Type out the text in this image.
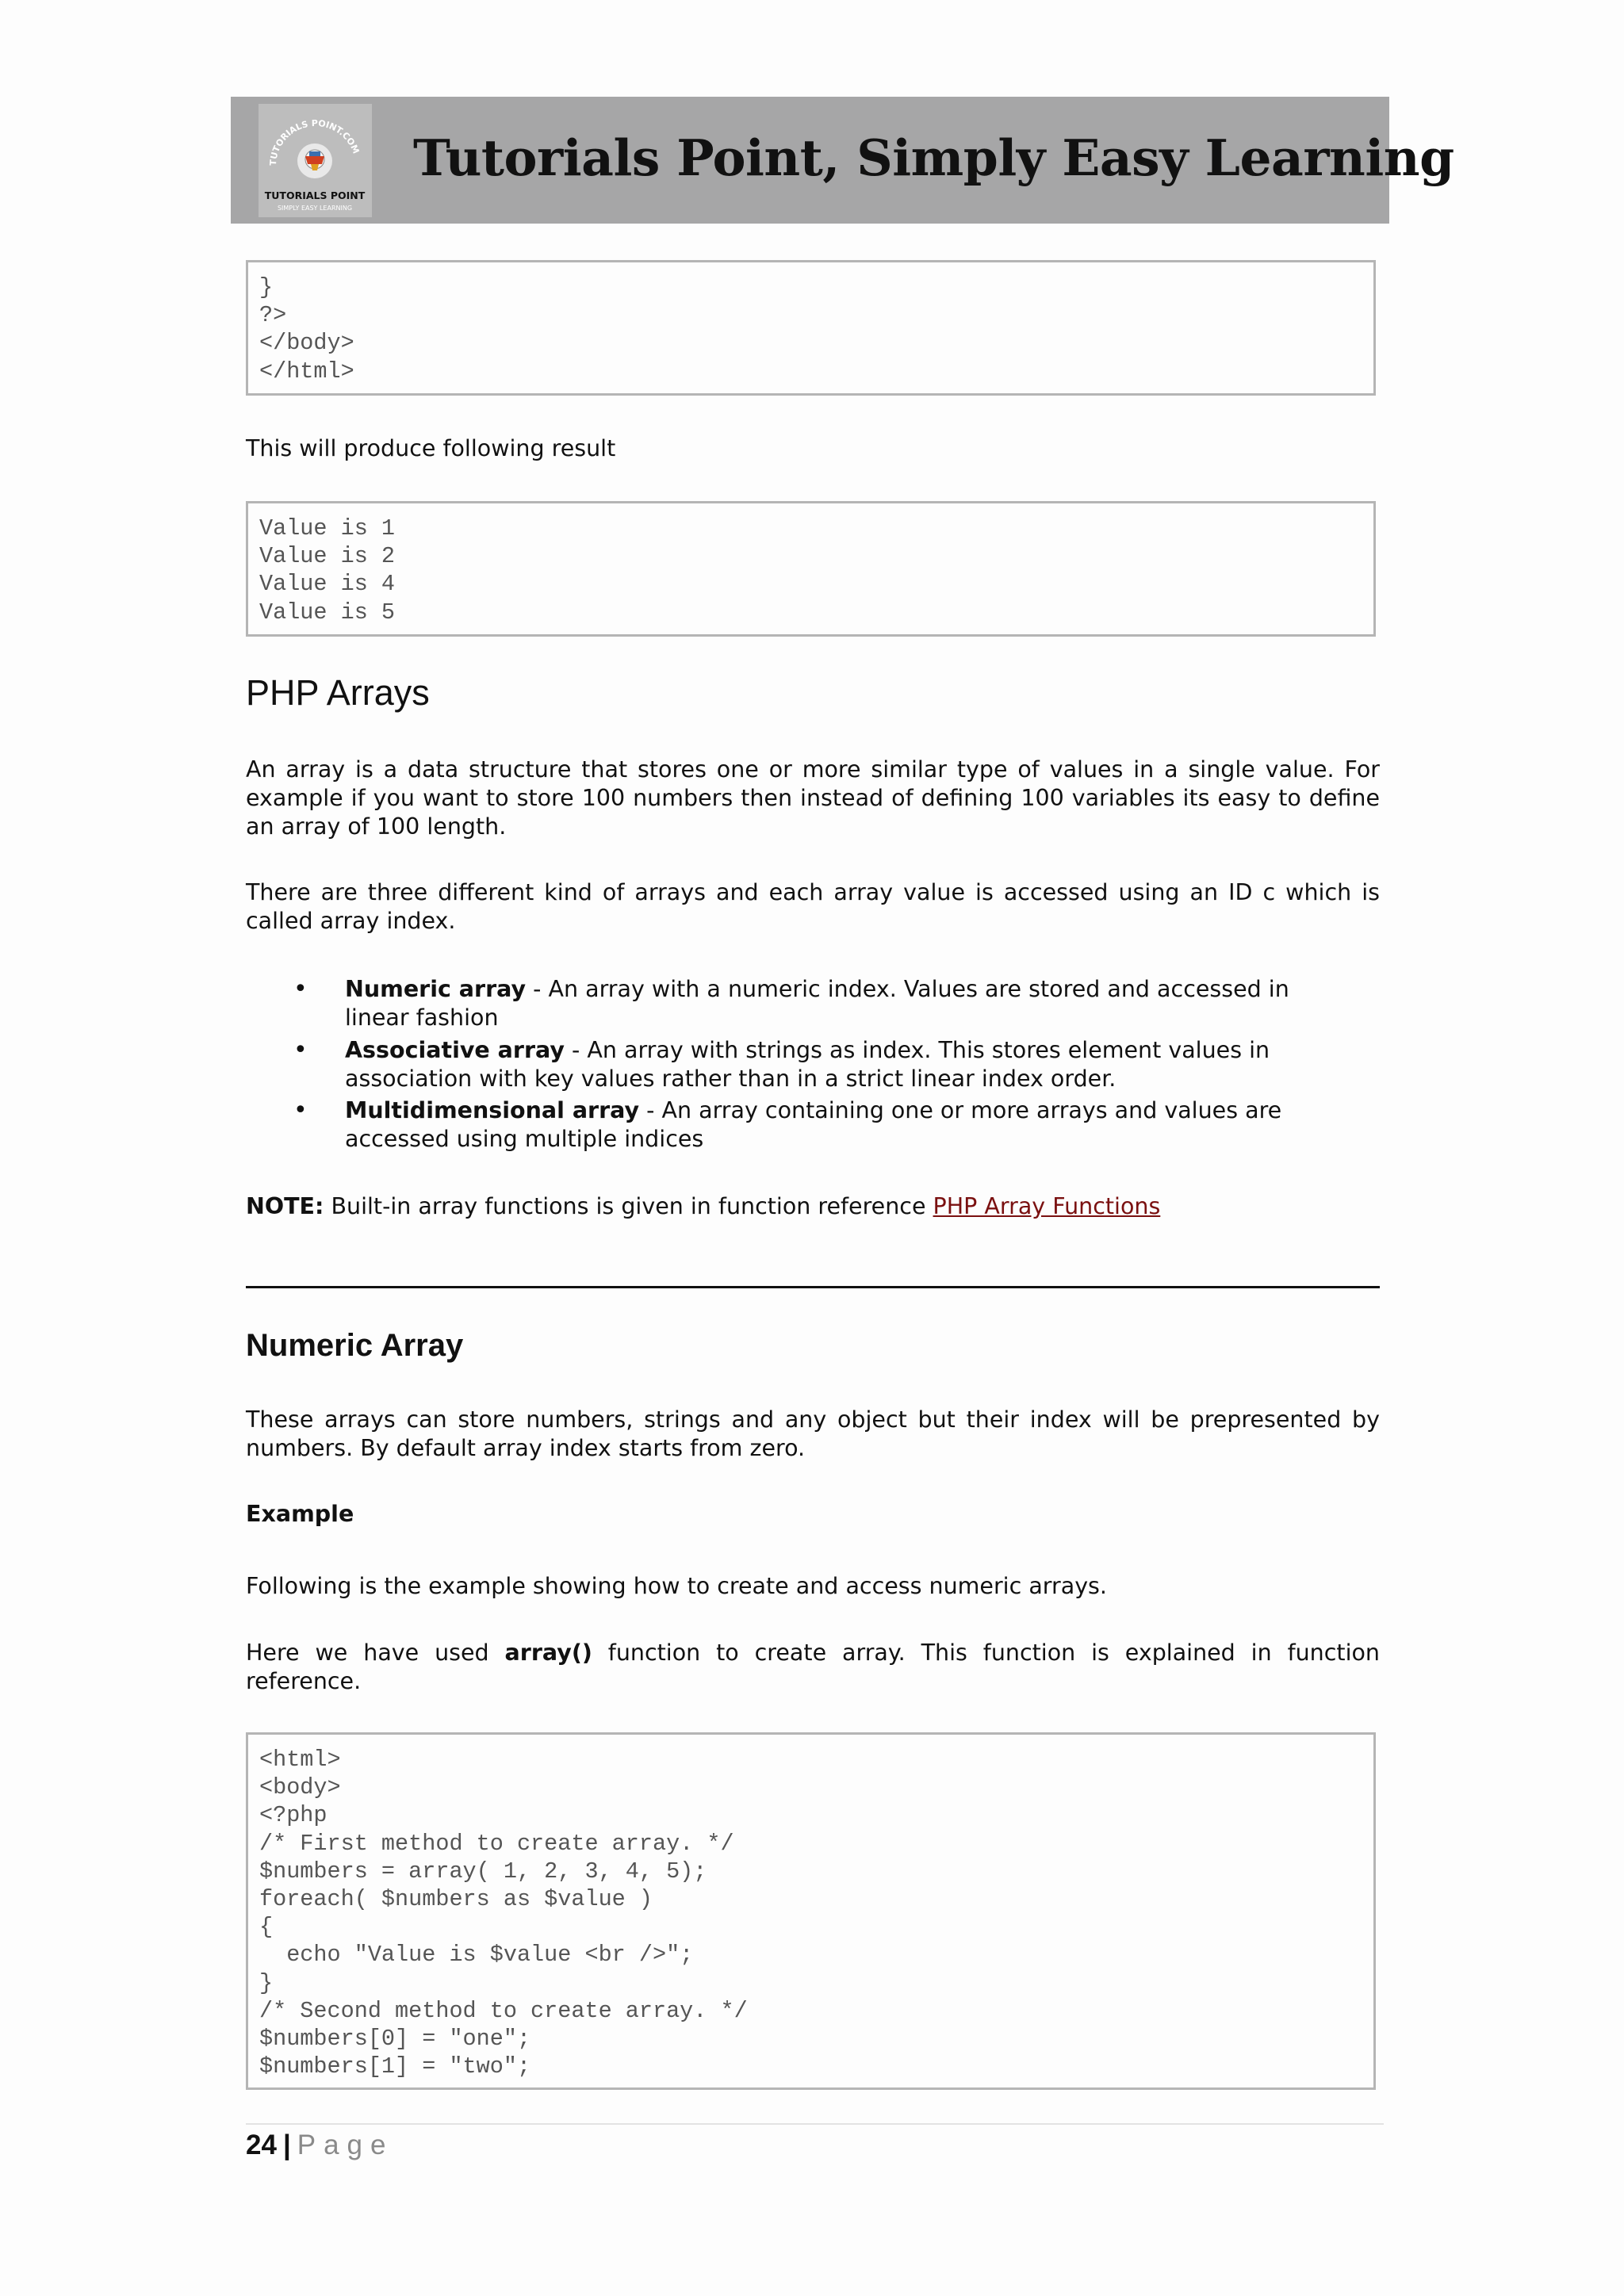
TUTORIALS POINT.COM
TUTORIALS POINT
SIMPLY EASY LEARNING
Tutorials Point, Simply Easy Learning
}
?>
</body>
</html>
This will produce following result
Value is 1
Value is 2
Value is 4
Value is 5
PHP Arrays
An array is a data structure that stores one or more similar type of values in a single value. For example if you want to store 100 numbers then instead of defining 100 variables its easy to define an array of 100 length.
There are three different kind of arrays and each array value is accessed using an ID c which is called array index.
• Numeric array - An array with a numeric index. Values are stored and accessed in linear fashion
• Associative array - An array with strings as index. This stores element values in association with key values rather than in a strict linear index order.
• Multidimensional array - An array containing one or more arrays and values are accessed using multiple indices
NOTE: Built-in array functions is given in function reference PHP Array Functions
Numeric Array
These arrays can store numbers, strings and any object but their index will be prepresented by numbers. By default array index starts from zero.
Example
Following is the example showing how to create and access numeric arrays.
Here we have used array() function to create array. This function is explained in function reference.
<html>
<body>
<?php
/* First method to create array. */
$numbers = array( 1, 2, 3, 4, 5);
foreach( $numbers as $value )
{
echo "Value is $value <br />";
}
/* Second method to create array. */
$numbers[0] = "one";
$numbers[1] = "two";
24 | Page
